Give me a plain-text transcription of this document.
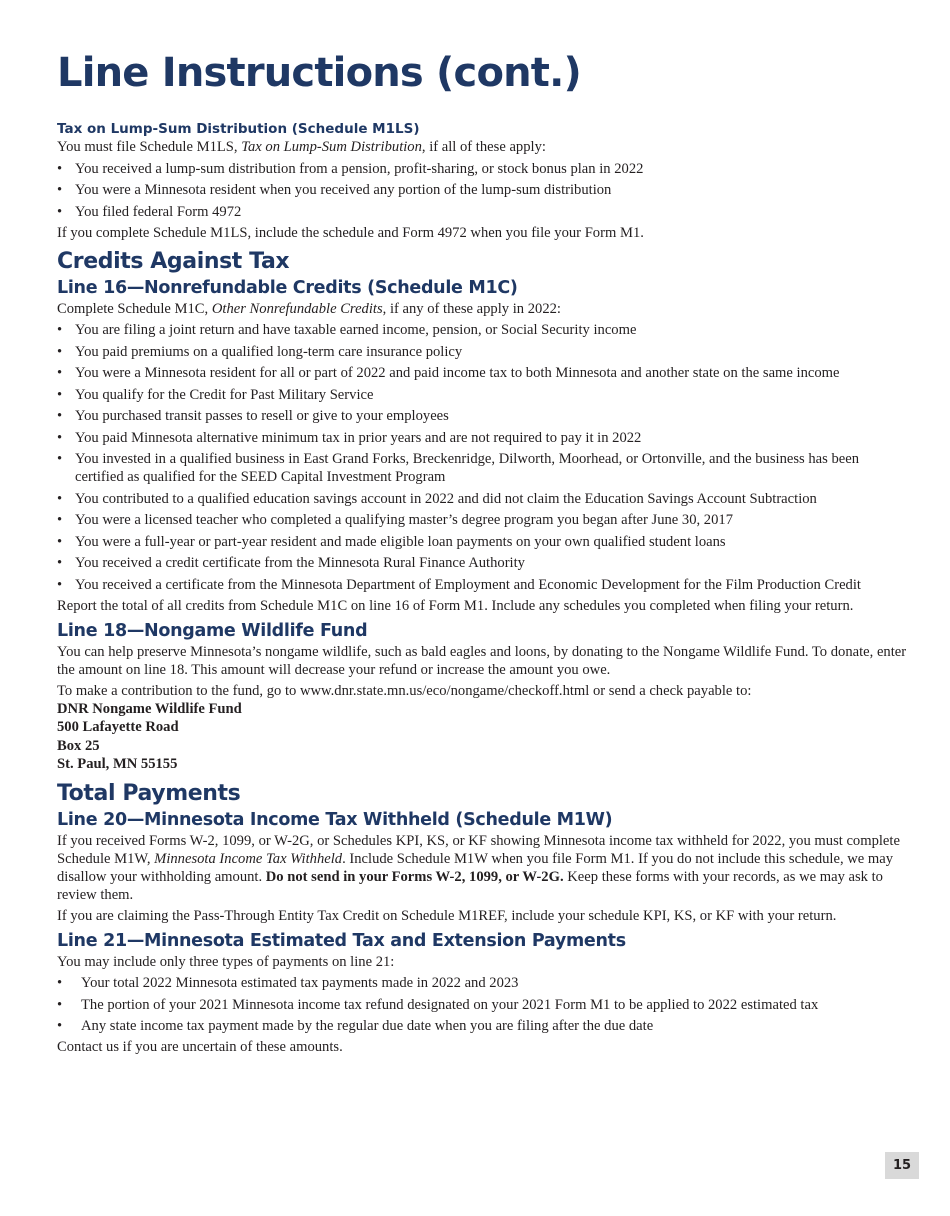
Line Instructions (cont.)
Tax on Lump-Sum Distribution (Schedule M1LS)

You must file Schedule M1LS, Tax on Lump-Sum Distribution, if all of these apply:

• You received a lump-sum distribution from a pension, profit-sharing, or stock bonus plan in 2022
• You were a Minnesota resident when you received any portion of the lump-sum distribution
• You filed federal Form 4972

If you complete Schedule M1LS, include the schedule and Form 4972 when you file your Form M1.

Credits Against Tax
Line 16—Nonrefundable Credits (Schedule M1C)

Complete Schedule M1C, Other Nonrefundable Credits, if any of these apply in 2022:

• You are filing a joint return and have taxable earned income, pension, or Social Security income
• You paid premiums on a qualified long-term care insurance policy
• You were a Minnesota resident for all or part of 2022 and paid income tax to both Minnesota and another state on the same income
• You qualify for the Credit for Past Military Service
• You purchased transit passes to resell or give to your employees
• You paid Minnesota alternative minimum tax in prior years and are not required to pay it in 2022
• You invested in a qualified business in East Grand Forks, Breckenridge, Dilworth, Moorhead, or Ortonville, and the business has been certified as qualified for the SEED Capital Investment Program
• You contributed to a qualified education savings account in 2022 and did not claim the Education Savings Account Subtraction
• You were a licensed teacher who completed a qualifying master’s degree program you began after June 30, 2017
• You were a full-year or part-year resident and made eligible loan payments on your own qualified student loans
• You received a credit certificate from the Minnesota Rural Finance Authority
• You received a certificate from the Minnesota Department of Employment and Economic Development for the Film Production Credit

Report the total of all credits from Schedule M1C on line 16 of Form M1. Include any schedules you completed when filing your return.

Line 18—Nongame Wildlife Fund

You can help preserve Minnesota’s nongame wildlife, such as bald eagles and loons, by donating to the Nongame Wildlife Fund. To donate, enter the amount on line 18. This amount will decrease your refund or increase the amount you owe.

To make a contribution to the fund, go to www.dnr.state.mn.us/eco/nongame/checkoff.html or send a check payable to:

DNR Nongame Wildlife Fund
500 Lafayette Road
Box 25
St. Paul, MN 55155
Total Payments
Line 20—Minnesota Income Tax Withheld (Schedule M1W)

If you received Forms W-2, 1099, or W-2G, or Schedules KPI, KS, or KF showing Minnesota income tax withheld for 2022, you must complete Schedule M1W, Minnesota Income Tax Withheld. Include Schedule M1W when you file Form M1. If you do not include this schedule, we may disallow your withholding amount. Do not send in your Forms W-2, 1099, or W-2G. Keep these forms with your records, as we may ask to review them.

If you are claiming the Pass-Through Entity Tax Credit on Schedule M1REF, include your schedule KPI, KS, or KF with your return.

Line 21—Minnesota Estimated Tax and Extension Payments

You may include only three types of payments on line 21:

• Your total 2022 Minnesota estimated tax payments made in 2022 and 2023
• The portion of your 2021 Minnesota income tax refund designated on your 2021 Form M1 to be applied to 2022 estimated tax
• Any state income tax payment made by the regular due date when you are filing after the due date

Contact us if you are uncertain of these amounts.

15
